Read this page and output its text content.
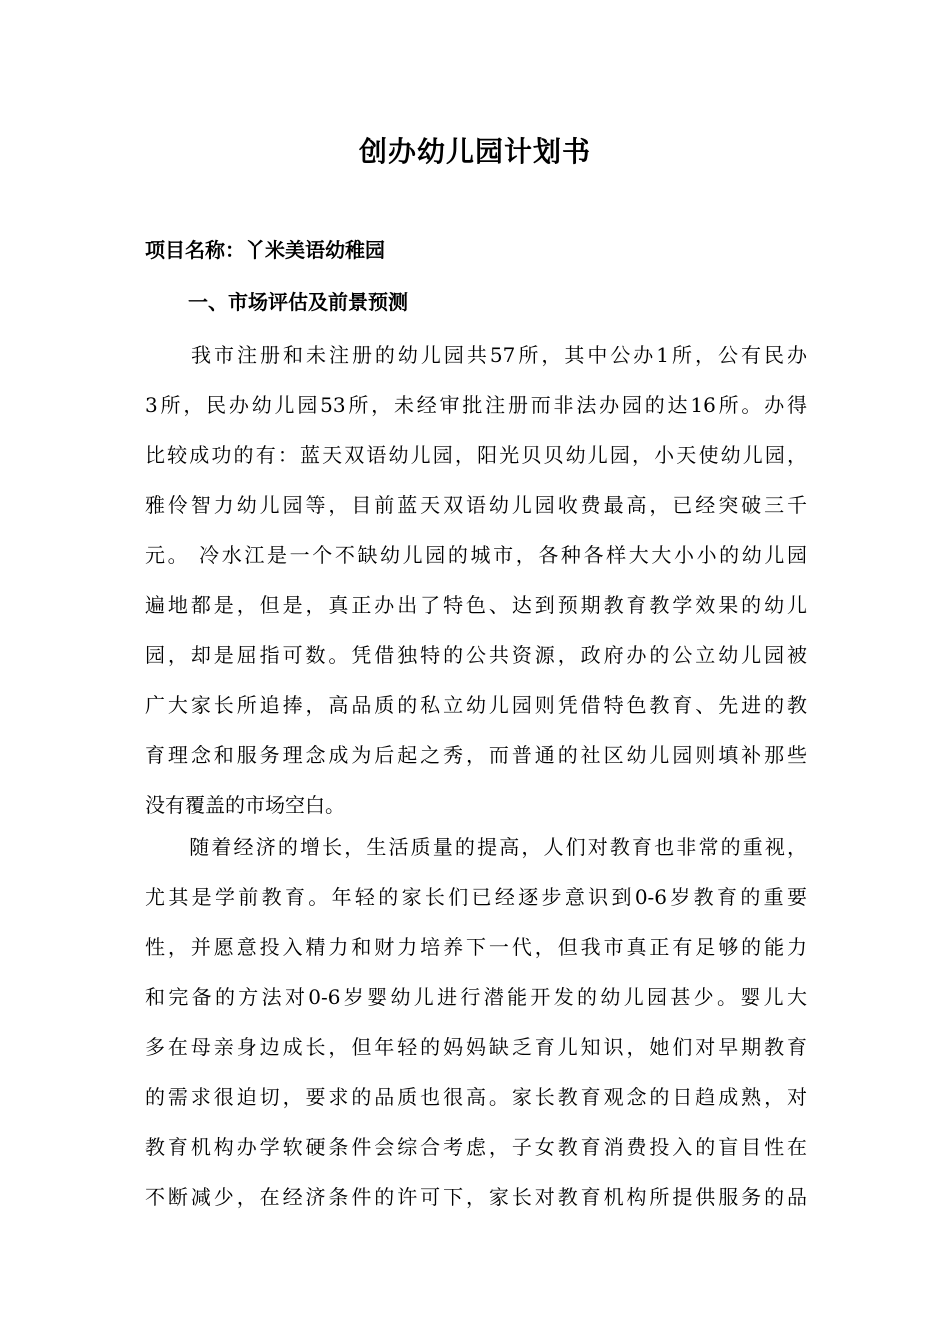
创办幼儿园计划书
项目名称：丫米美语幼稚园
一、市场评估及前景预测
　　我市注册和未注册的幼儿园共57所，其中公办1所，公有民办
3所，民办幼儿园53所，未经审批注册而非法办园的达16所。办得
比较成功的有：蓝天双语幼儿园，阳光贝贝幼儿园，小天使幼儿园，
雅伶智力幼儿园等，目前蓝天双语幼儿园收费最高，已经突破三千
元。 冷水江是一个不缺幼儿园的城市，各种各样大大小小的幼儿园
遍地都是，但是，真正办出了特色、达到预期教育教学效果的幼儿
园，却是屈指可数。凭借独特的公共资源，政府办的公立幼儿园被
广大家长所追捧，高品质的私立幼儿园则凭借特色教育、先进的教
育理念和服务理念成为后起之秀，而普通的社区幼儿园则填补那些
没有覆盖的市场空白。
　　随着经济的增长，生活质量的提高，人们对教育也非常的重视，
尤其是学前教育。年轻的家长们已经逐步意识到0-6岁教育的重要
性，并愿意投入精力和财力培养下一代，但我市真正有足够的能力
和完备的方法对0-6岁婴幼儿进行潜能开发的幼儿园甚少。婴儿大
多在母亲身边成长，但年轻的妈妈缺乏育儿知识，她们对早期教育
的需求很迫切，要求的品质也很高。家长教育观念的日趋成熟，对
教育机构办学软硬条件会综合考虑，子女教育消费投入的盲目性在
不断减少，在经济条件的许可下，家长对教育机构所提供服务的品
